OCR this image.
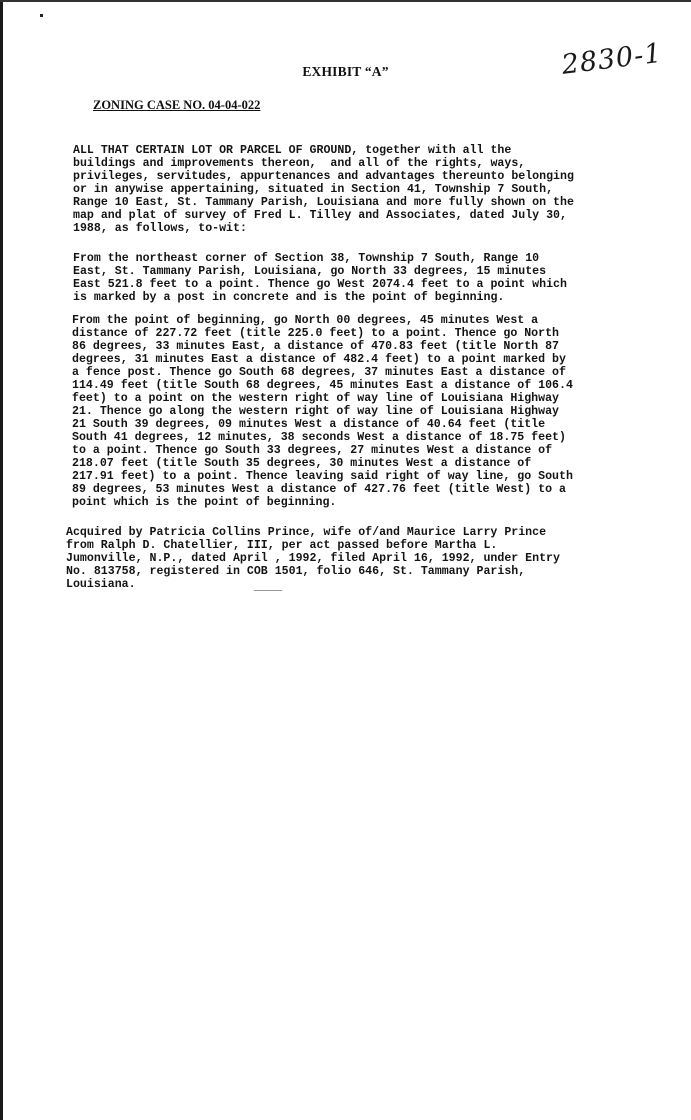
2830-1
EXHIBIT “A”
ZONING CASE NO. 04-04-022

ALL THAT CERTAIN LOT OR PARCEL OF GROUND, together with all the
buildings and improvements thereon,  and all of the rights, ways,
privileges, servitudes, appurtenances and advantages thereunto belonging
or in anywise appertaining, situated in Section 41, Township 7 South,
Range 10 East, St. Tammany Parish, Louisiana and more fully shown on the
map and plat of survey of Fred L. Tilley and Associates, dated July 30,
1988, as follows, to-wit:

From the northeast corner of Section 38, Township 7 South, Range 10
East, St. Tammany Parish, Louisiana, go North 33 degrees, 15 minutes
East 521.8 feet to a point. Thence go West 2074.4 feet to a point which
is marked by a post in concrete and is the point of beginning.

From the point of beginning, go North 00 degrees, 45 minutes West a
distance of 227.72 feet (title 225.0 feet) to a point. Thence go North
86 degrees, 33 minutes East, a distance of 470.83 feet (title North 87
degrees, 31 minutes East a distance of 482.4 feet) to a point marked by
a fence post. Thence go South 68 degrees, 37 minutes East a distance of
114.49 feet (title South 68 degrees, 45 minutes East a distance of 106.4
feet) to a point on the western right of way line of Louisiana Highway
21. Thence go along the western right of way line of Louisiana Highway
21 South 39 degrees, 09 minutes West a distance of 40.64 feet (title
South 41 degrees, 12 minutes, 38 seconds West a distance of 18.75 feet)
to a point. Thence go South 33 degrees, 27 minutes West a distance of
218.07 feet (title South 35 degrees, 30 minutes West a distance of
217.91 feet) to a point. Thence leaving said right of way line, go South
89 degrees, 53 minutes West a distance of 427.76 feet (title West) to a
point which is the point of beginning.

Acquired by Patricia Collins Prince, wife of/and Maurice Larry Prince
from Ralph D. Chatellier, III, per act passed before Martha L.
Jumonville, N.P., dated April , 1992, filed April 16, 1992, under Entry
No. 813758, registered in COB 1501, folio 646, St. Tammany Parish,
Louisiana.
